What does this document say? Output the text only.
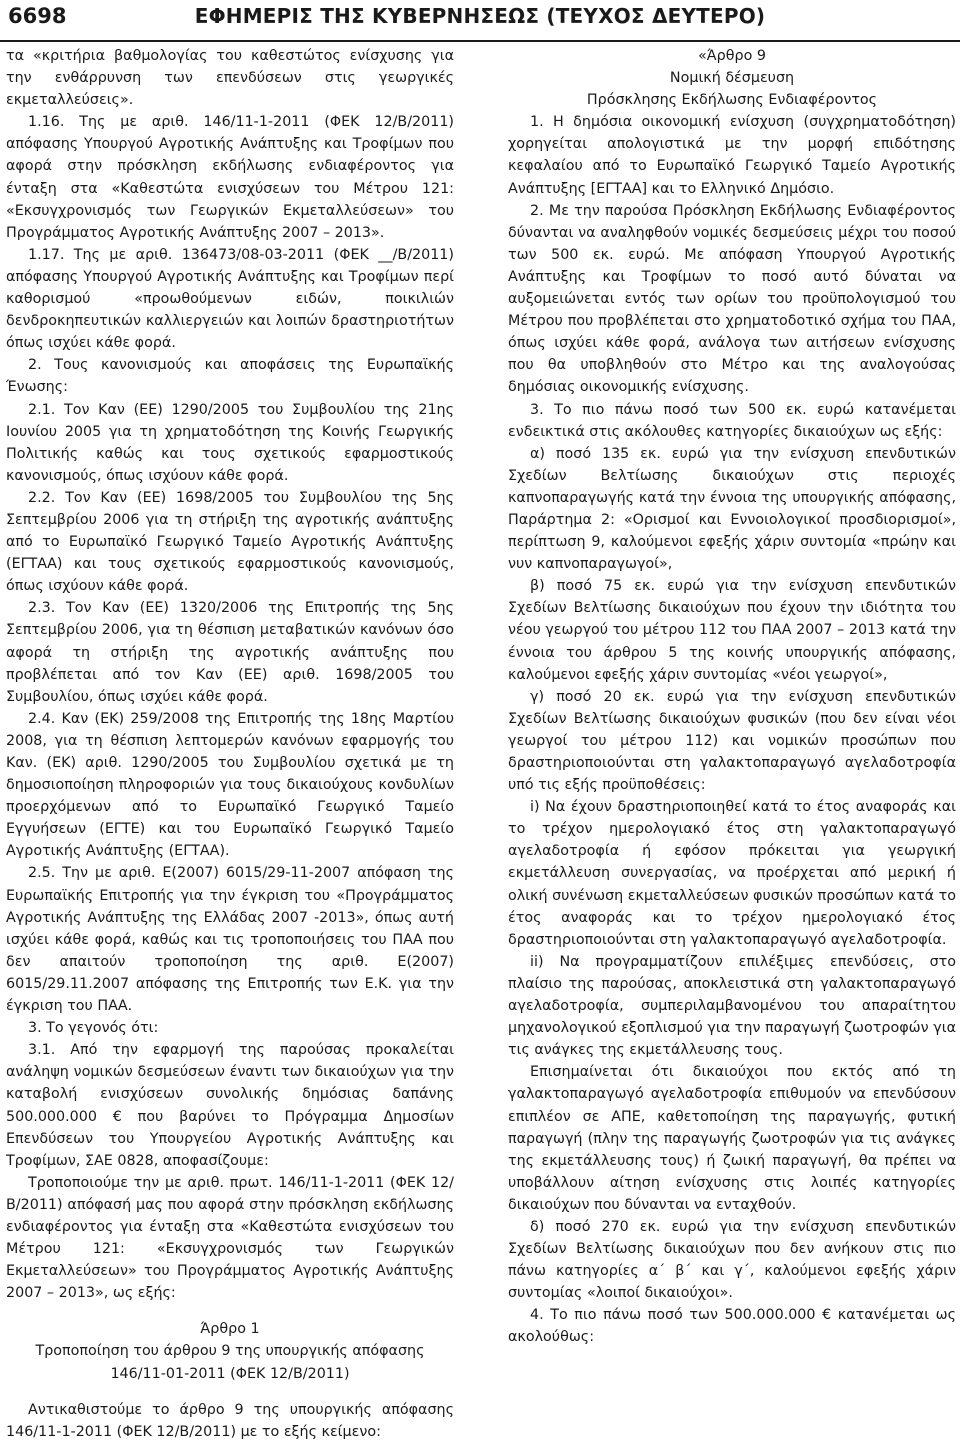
6698	ΕΦΗΜΕΡΙΣ ΤΗΣ ΚΥΒΕΡΝΗΣΕΩΣ (ΤΕΥΧΟΣ ΔΕΥΤΕΡΟ)

τα «κριτήρια βαθμολογίας του καθεστώτος ενίσχυσης για την ενθάρρυνση των επενδύσεων στις γεωργικές εκμεταλλεύσεις».

1.16. Της με αριθ. 146/11-1-2011 (ΦΕΚ 12/Β/2011) απόφασης Υπουργού Αγροτικής Ανάπτυξης και Τροφίμων που αφορά στην πρόσκληση εκδήλωσης ενδιαφέροντος για ένταξη στα «Καθεστώτα ενισχύσεων του Μέτρου 121: «Εκσυγχρονισμός των Γεωργικών Εκμεταλλεύσεων» του Προγράμματος Αγροτικής Ανάπτυξης 2007 – 2013».

1.17. Της με αριθ. 136473/08-03-2011 (ΦΕΚ __/Β/2011) απόφασης Υπουργού Αγροτικής Ανάπτυξης και Τροφίμων περί καθορισμού «προωθούμενων ειδών, ποικιλιών δενδροκηπευτικών καλλιεργειών και λοιπών δραστηριοτήτων όπως ισχύει κάθε φορά.

2. Τους κανονισμούς και αποφάσεις της Ευρωπαϊκής Ένωσης:

2.1. Τον Καν (ΕΕ) 1290/2005 του Συμβουλίου της 21ης Ιουνίου 2005 για τη χρηματοδότηση της Κοινής Γεωργικής Πολιτικής καθώς και τους σχετικούς εφαρμοστικούς κανονισμούς, όπως ισχύουν κάθε φορά.

2.2. Τον Καν (ΕΕ) 1698/2005 του Συμβουλίου της 5ης Σεπτεμβρίου 2006 για τη στήριξη της αγροτικής ανάπτυξης από το Ευρωπαϊκό Γεωργικό Ταμείο Αγροτικής Ανάπτυξης (ΕΓΤΑΑ) και τους σχετικούς εφαρμοστικούς κανονισμούς, όπως ισχύουν κάθε φορά.

2.3. Τον Καν (ΕΕ) 1320/2006 της Επιτροπής της 5ης Σεπτεμβρίου 2006, για τη θέσπιση μεταβατικών κανόνων όσο αφορά τη στήριξη της αγροτικής ανάπτυξης που προβλέπεται από τον Καν (ΕΕ) αριθ. 1698/2005 του Συμβουλίου, όπως ισχύει κάθε φορά.

2.4. Καν (ΕΚ) 259/2008 της Επιτροπής της 18ης Μαρτίου 2008, για τη θέσπιση λεπτομερών κανόνων εφαρμογής του Καν. (ΕΚ) αριθ. 1290/2005 του Συμβουλίου σχετικά με τη δημοσιοποίηση πληροφοριών για τους δικαιούχους κονδυλίων προερχόμενων από το Ευρωπαϊκό Γεωργικό Ταμείο Εγγυήσεων (ΕΓΤΕ) και του Ευρωπαϊκό Γεωργικό Ταμείο Αγροτικής Ανάπτυξης (ΕΓΤΑΑ).

2.5. Την με αριθ. Ε(2007) 6015/29-11-2007 απόφαση της Ευρωπαϊκής Επιτροπής για την έγκριση του «Προγράμματος Αγροτικής Ανάπτυξης της Ελλάδας 2007 -2013», όπως αυτή ισχύει κάθε φορά, καθώς και τις τροποποιήσεις του ΠΑΑ που δεν απαιτούν τροποποίηση της αριθ. Ε(2007) 6015/29.11.2007 απόφασης της Επιτροπής των Ε.Κ. για την έγκριση του ΠΑΑ.

3. Το γεγονός ότι:

3.1. Από την εφαρμογή της παρούσας προκαλείται ανάληψη νομικών δεσμεύσεων έναντι των δικαιούχων για την καταβολή ενισχύσεων συνολικής δημόσιας δαπάνης 500.000.000 € που βαρύνει το Πρόγραμμα Δημοσίων Επενδύσεων του Υπουργείου Αγροτικής Ανάπτυξης και Τροφίμων, ΣΑΕ 0828, αποφασίζουμε:

Τροποποιούμε την με αριθ. πρωτ. 146/11-1-2011 (ΦΕΚ 12/Β/2011) απόφασή μας που αφορά στην πρόσκληση εκδήλωσης ενδιαφέροντος για ένταξη στα «Καθεστώτα ενισχύσεων του Μέτρου 121: «Εκσυγχρονισμός των Γεωργικών Εκμεταλλεύσεων» του Προγράμματος Αγροτικής Ανάπτυξης 2007 – 2013», ως εξής:

Άρθρο 1

Τροποποίηση του άρθρου 9 της υπουργικής απόφασης 146/11-01-2011 (ΦΕΚ 12/Β/2011)

Αντικαθιστούμε το άρθρο 9 της υπουργικής απόφασης 146/11-1-2011 (ΦΕΚ 12/Β/2011) με το εξής κείμενο:

«Άρθρο 9

Νομική δέσμευση

Πρόσκλησης Εκδήλωσης Ενδιαφέροντος

1. Η δημόσια οικονομική ενίσχυση (συγχρηματοδότηση) χορηγείται απολογιστικά με την μορφή επιδότησης κεφαλαίου από το Ευρωπαϊκό Γεωργικό Ταμείο Αγροτικής Ανάπτυξης [ΕΓΤΑΑ] και το Ελληνικό Δημόσιο.

2. Με την παρούσα Πρόσκληση Εκδήλωσης Ενδιαφέροντος δύνανται να αναληφθούν νομικές δεσμεύσεις μέχρι του ποσού των 500 εκ. ευρώ. Με απόφαση Υπουργού Αγροτικής Ανάπτυξης και Τροφίμων το ποσό αυτό δύναται να αυξομειώνεται εντός των ορίων του προϋπολογισμού του Μέτρου που προβλέπεται στο χρηματοδοτικό σχήμα του ΠΑΑ, όπως ισχύει κάθε φορά, ανάλογα των αιτήσεων ενίσχυσης που θα υποβληθούν στο Μέτρο και της αναλογούσας δημόσιας οικονομικής ενίσχυσης.

3. Το πιο πάνω ποσό των 500 εκ. ευρώ κατανέμεται ενδεικτικά στις ακόλουθες κατηγορίες δικαιούχων ως εξής:

α) ποσό 135 εκ. ευρώ για την ενίσχυση επενδυτικών Σχεδίων Βελτίωσης δικαιούχων στις περιοχές καπνοπαραγωγής κατά την έννοια της υπουργικής απόφασης, Παράρτημα 2: «Ορισμοί και Εννοιολογικοί προσδιορισμοί», περίπτωση 9, καλούμενοι εφεξής χάριν συντομία «πρώην και νυν καπνοπαραγωγοί»,

β) ποσό 75 εκ. ευρώ για την ενίσχυση επενδυτικών Σχεδίων Βελτίωσης δικαιούχων που έχουν την ιδιότητα του νέου γεωργού του μέτρου 112 του ΠΑΑ 2007 – 2013 κατά την έννοια του άρθρου 5 της κοινής υπουργικής απόφασης, καλούμενοι εφεξής χάριν συντομίας «νέοι γεωργοί»,

γ) ποσό 20 εκ. ευρώ για την ενίσχυση επενδυτικών Σχεδίων Βελτίωσης δικαιούχων φυσικών (που δεν είναι νέοι γεωργοί του μέτρου 112) και νομικών προσώπων που δραστηριοποιούνται στη γαλακτοπαραγωγό αγελαδοτροφία υπό τις εξής προϋποθέσεις:

i) Να έχουν δραστηριοποιηθεί κατά το έτος αναφοράς και το τρέχον ημερολογιακό έτος στη γαλακτοπαραγωγό αγελαδοτροφία ή εφόσον πρόκειται για γεωργική εκμετάλλευση συνεργασίας, να προέρχεται από μερική ή ολική συνένωση εκμεταλλεύσεων φυσικών προσώπων κατά το έτος αναφοράς και το τρέχον ημερολογιακό έτος δραστηριοποιούνται στη γαλακτοπαραγωγό αγελαδοτροφία.

ii) Να προγραμματίζουν επιλέξιμες επενδύσεις, στο πλαίσιο της παρούσας, αποκλειστικά στη γαλακτοπαραγωγό αγελαδοτροφία, συμπεριλαμβανομένου του απαραίτητου μηχανολογικού εξοπλισμού για την παραγωγή ζωοτροφών για τις ανάγκες της εκμετάλλευσης τους.

Επισημαίνεται ότι δικαιούχοι που εκτός από τη γαλακτοπαραγωγό αγελαδοτροφία επιθυμούν να επενδύσουν επιπλέον σε ΑΠΕ, καθετοποίηση της παραγωγής, φυτική παραγωγή (πλην της παραγωγής ζωοτροφών για τις ανάγκες της εκμετάλλευσης τους) ή ζωική παραγωγή, θα πρέπει να υποβάλλουν αίτηση ενίσχυσης στις λοιπές κατηγορίες δικαιούχων που δύνανται να ενταχθούν.

δ) ποσό 270 εκ. ευρώ για την ενίσχυση επενδυτικών Σχεδίων Βελτίωσης δικαιούχων που δεν ανήκουν στις πιο πάνω κατηγορίες α΄ β΄ και γ΄, καλούμενοι εφεξής χάριν συντομίας «λοιποί δικαιούχοι».

4. Το πιο πάνω ποσό των 500.000.000 € κατανέμεται ως ακολούθως:
